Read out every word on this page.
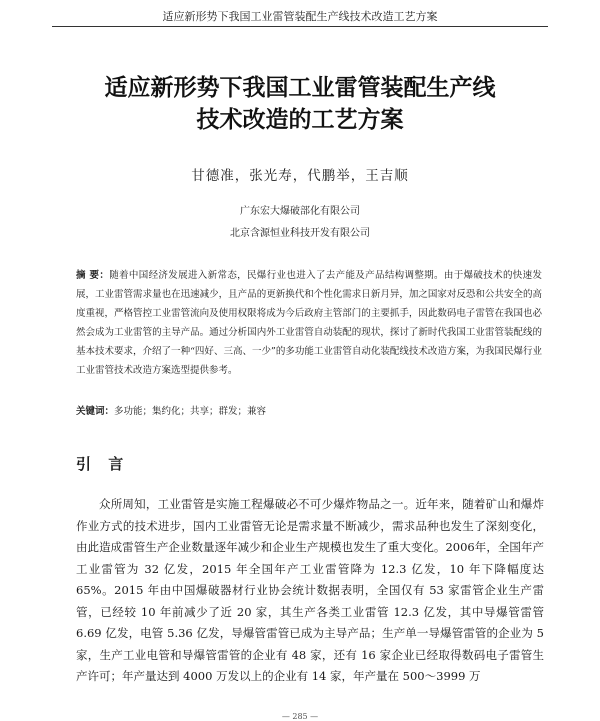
适应新形势下我国工业雷管装配生产线技术改造工艺方案
适应新形势下我国工业雷管装配生产线
技术改造的工艺方案
甘德准，张光寿，代鹏举，王吉顺
广东宏大爆破部化有限公司
北京含源恒业科技开发有限公司
摘 要：随着中国经济发展进入新常态，民爆行业也进入了去产能及产品结构调整期。由于爆破技术的快速发展，工业雷管需求量也在迅速减少，且产品的更新换代和个性化需求日新月异，加之国家对反恐和公共安全的高度重视，严格管控工业雷管流向及使用权限将成为今后政府主管部门的主要抓手，因此数码电子雷管在我国也必然会成为工业雷管的主导产品。通过分析国内外工业雷管自动装配的现状，探讨了新时代我国工业雷管装配线的基本技术要求，介绍了一种“四好、三高、一少”的多功能工业雷管自动化装配线技术改造方案，为我国民爆行业工业雷管技术改造方案选型提供参考。
关键词：多功能；集约化；共享；群发；兼容
引 言
众所周知，工业雷管是实施工程爆破必不可少爆炸物品之一。近年来，随着矿山和爆炸作业方式的技术进步，国内工业雷管无论是需求量不断减少，需求品种也发生了深刻变化，由此造成雷管生产企业数量逐年减少和企业生产规模也发生了重大变化。2006年，全国年产工业雷管为 32 亿发，2015 年全国年产工业雷管降为 12.3 亿发，10 年下降幅度达 65%。2015 年由中国爆破器材行业协会统计数据表明，全国仅有 53 家雷管企业生产雷管，已经较 10 年前减少了近 20 家，其生产各类工业雷管 12.3 亿发，其中导爆管雷管 6.69 亿发，电管 5.36 亿发，导爆管雷管已成为主导产品；生产单一导爆管雷管的企业为 5 家，生产工业电管和导爆管雷管的企业有 48 家，还有 16 家企业已经取得数码电子雷管生产许可；年产量达到 4000 万发以上的企业有 14 家，年产量在 500～3999 万
— 285 —
